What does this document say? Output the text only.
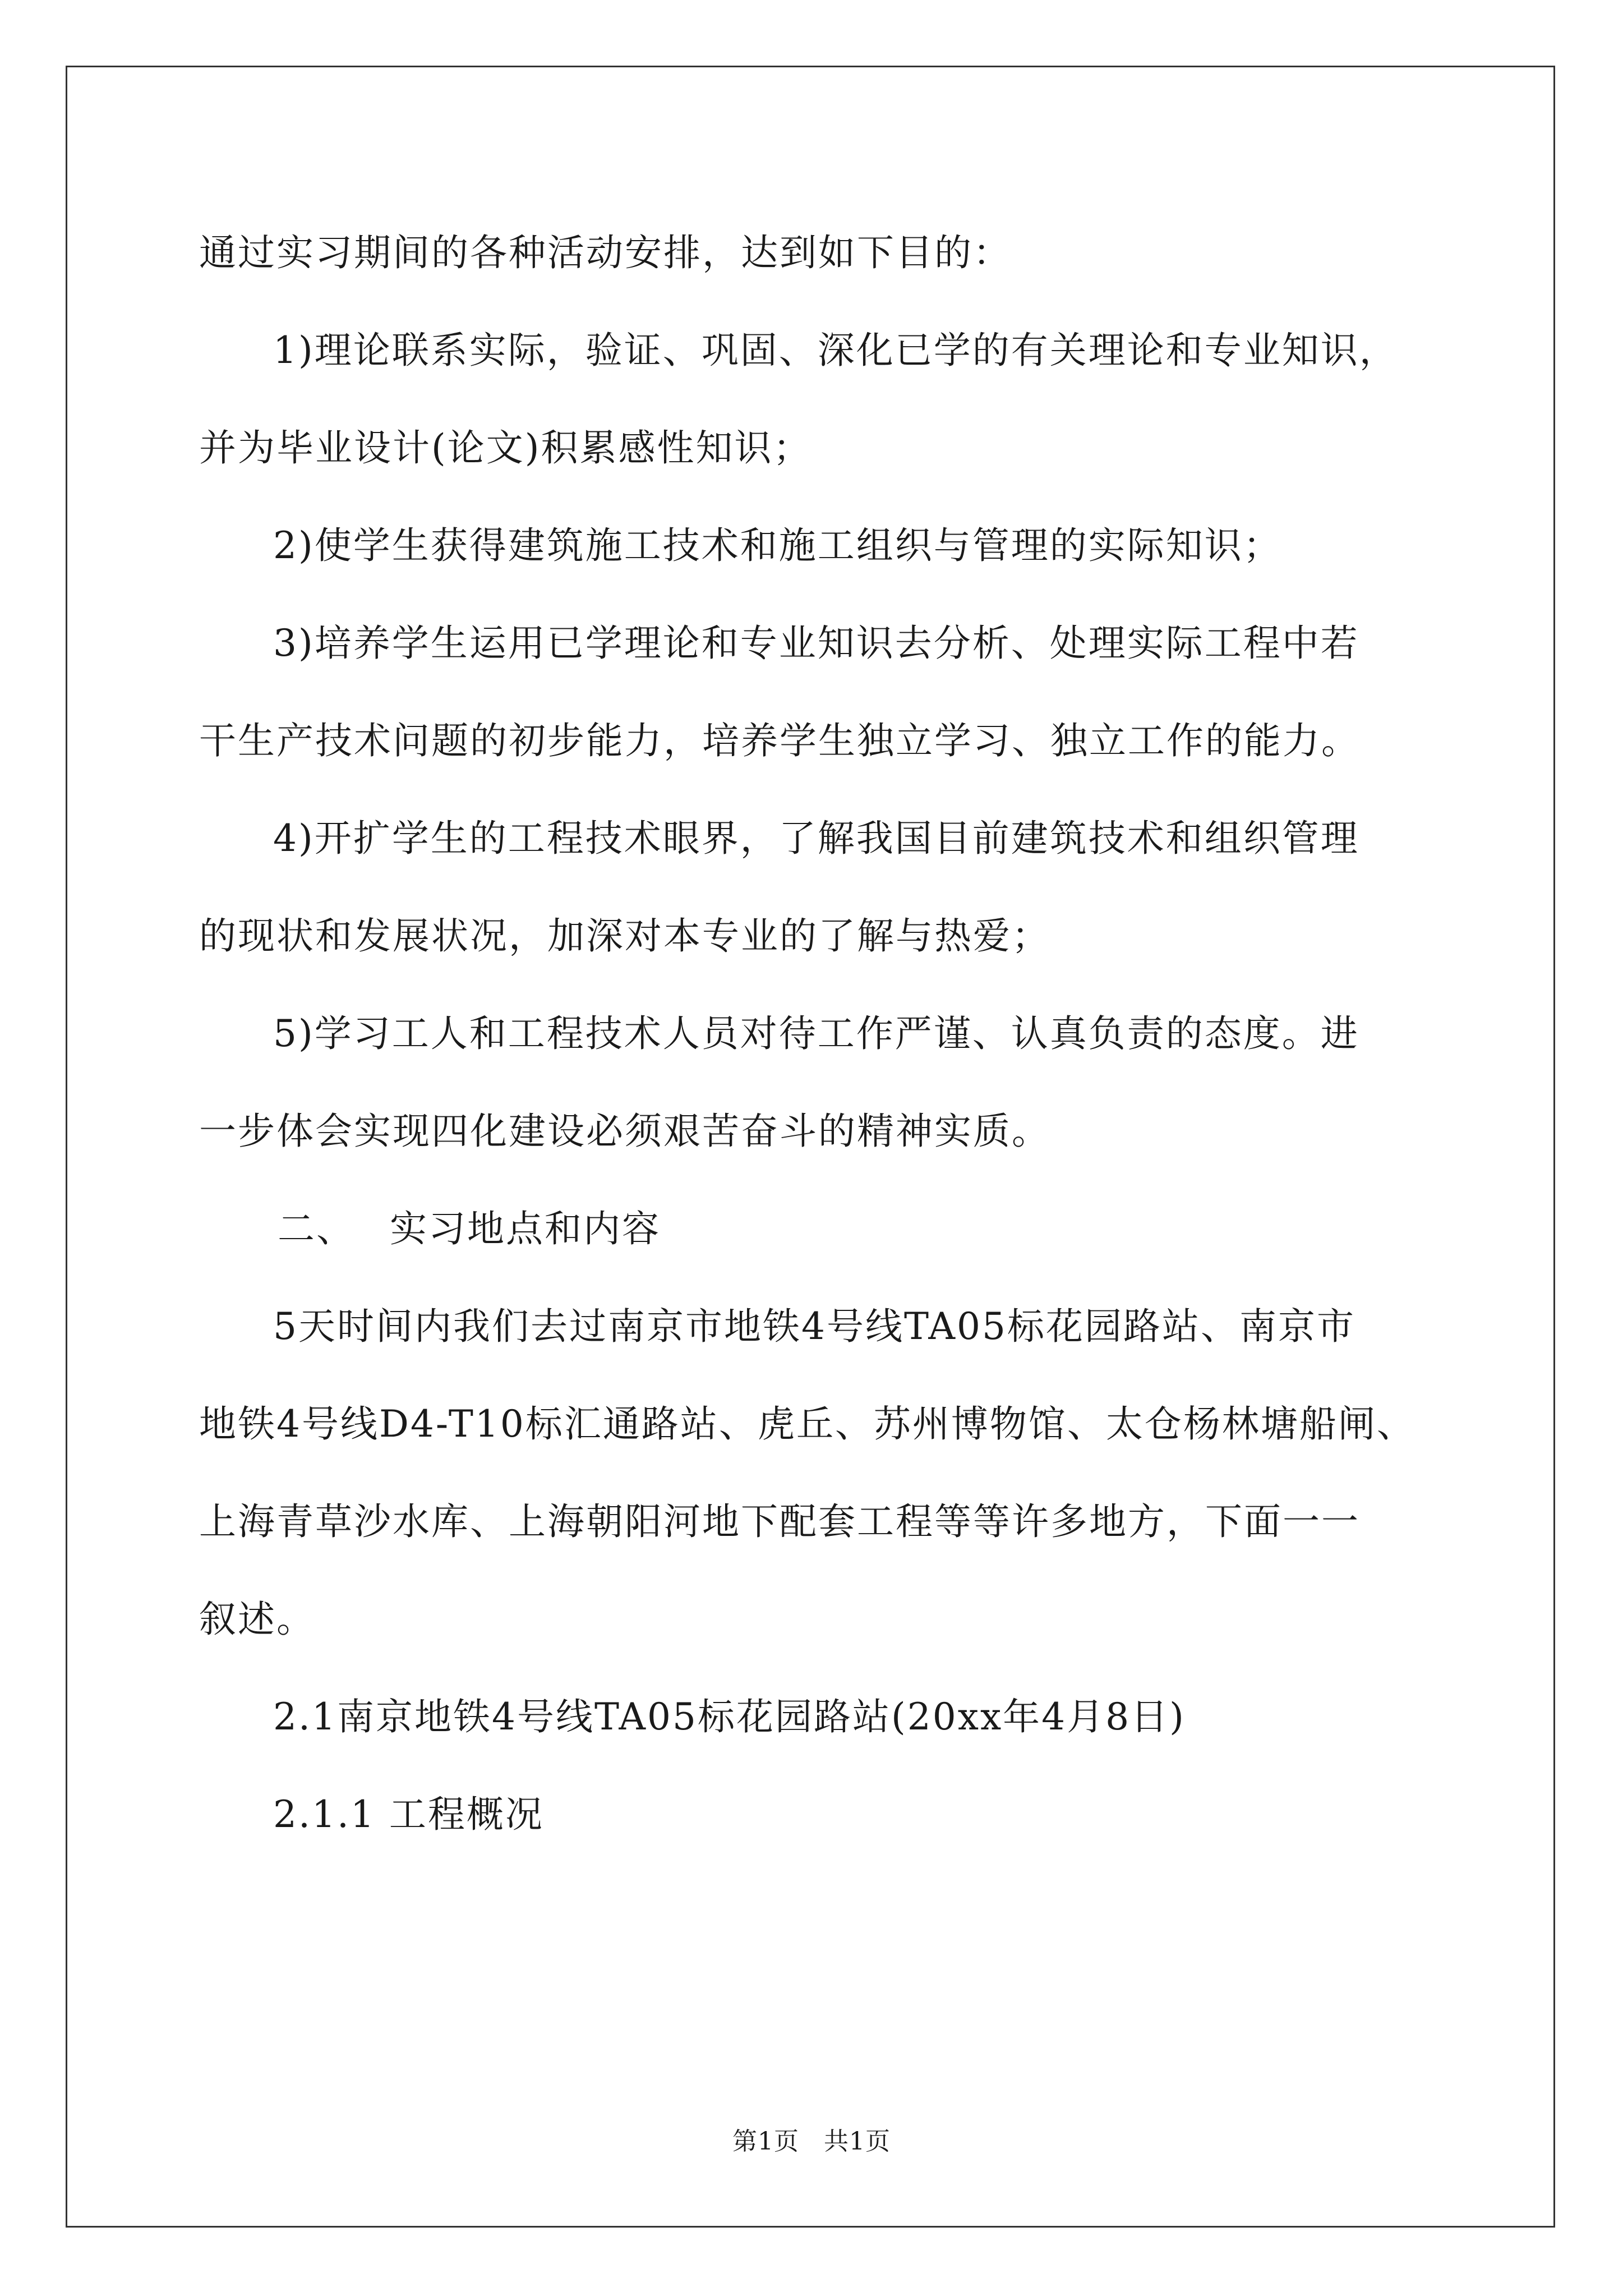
通过实习期间的各种活动安排，达到如下目的：
1)理论联系实际，验证、巩固、深化已学的有关理论和专业知识，
并为毕业设计(论文)积累感性知识；
2)使学生获得建筑施工技术和施工组织与管理的实际知识；
3)培养学生运用已学理论和专业知识去分析、处理实际工程中若
干生产技术问题的初步能力，培养学生独立学习、独立工作的能力。
4)开扩学生的工程技术眼界，了解我国目前建筑技术和组织管理
的现状和发展状况，加深对本专业的了解与热爱；
5)学习工人和工程技术人员对待工作严谨、认真负责的态度。进
一步体会实现四化建设必须艰苦奋斗的精神实质。
二、 实习地点和内容
5天时间内我们去过南京市地铁4号线TA05标花园路站、南京市
地铁4号线D4-T10标汇通路站、虎丘、苏州博物馆、太仓杨林塘船闸、
上海青草沙水库、上海朝阳河地下配套工程等等许多地方，下面一一
叙述。
2.1南京地铁4号线TA05标花园路站(20xx年4月8日)
2.1.1 工程概况
第1页 共1页
